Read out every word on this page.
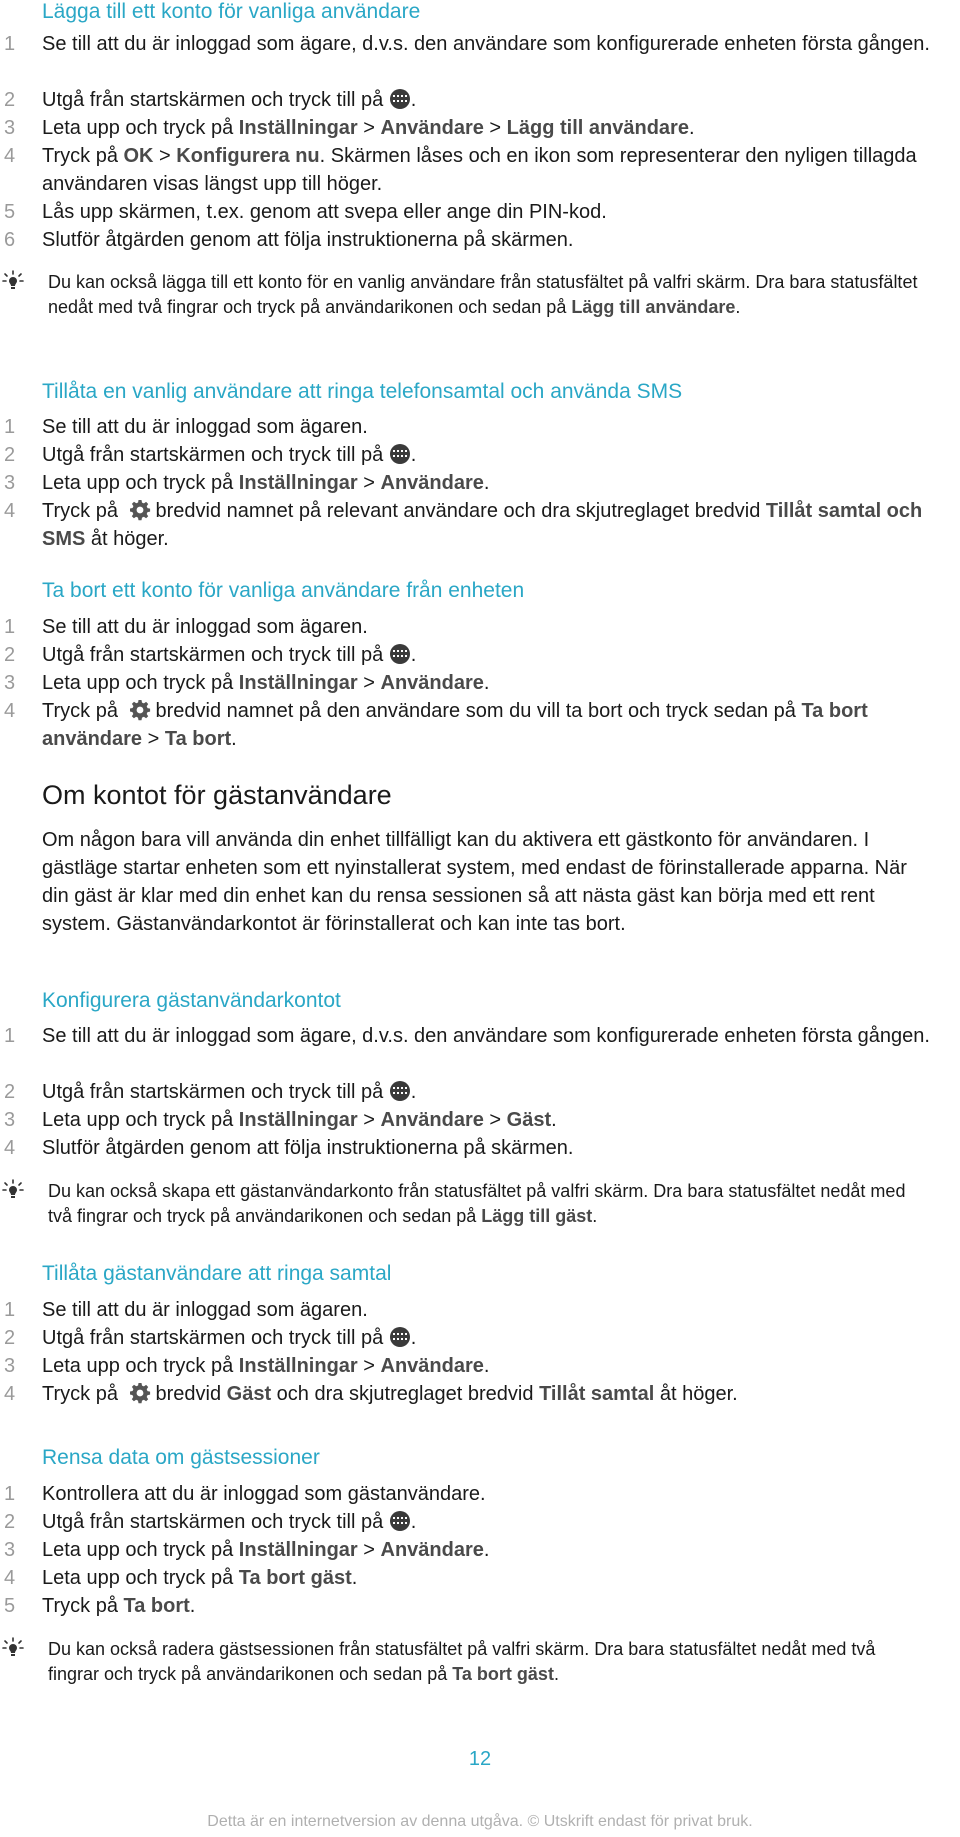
Lägga till ett konto för vanliga användare
1 Se till att du är inloggad som ägare, d.v.s. den användare som konfigurerade enheten första gången.
2 Utgå från startskärmen och tryck till på .
3 Leta upp och tryck på Inställningar > Användare > Lägg till användare.
4 Tryck på OK > Konfigurera nu. Skärmen låses och en ikon som representerar den nyligen tillagda användaren visas längst upp till höger.
5 Lås upp skärmen, t.ex. genom att svepa eller ange din PIN-kod.
6 Slutför åtgärden genom att följa instruktionerna på skärmen.
Du kan också lägga till ett konto för en vanlig användare från statusfältet på valfri skärm. Dra bara statusfältet nedåt med två fingrar och tryck på användarikonen och sedan på Lägg till användare.
Tillåta en vanlig användare att ringa telefonsamtal och använda SMS
1 Se till att du är inloggad som ägaren.
2 Utgå från startskärmen och tryck till på .
3 Leta upp och tryck på Inställningar > Användare.
4 Tryck på bredvid namnet på relevant användare och dra skjutreglaget bredvid Tillåt samtal och SMS åt höger.
Ta bort ett konto för vanliga användare från enheten
1 Se till att du är inloggad som ägaren.
2 Utgå från startskärmen och tryck till på .
3 Leta upp och tryck på Inställningar > Användare.
4 Tryck på bredvid namnet på den användare som du vill ta bort och tryck sedan på Ta bort användare > Ta bort.
Om kontot för gästanvändare
Om någon bara vill använda din enhet tillfälligt kan du aktivera ett gästkonto för användaren. I gästläge startar enheten som ett nyinstallerat system, med endast de förinstallerade apparna. När din gäst är klar med din enhet kan du rensa sessionen så att nästa gäst kan börja med ett rent system. Gästanvändarkontot är förinstallerat och kan inte tas bort.
Konfigurera gästanvändarkontot
1 Se till att du är inloggad som ägare, d.v.s. den användare som konfigurerade enheten första gången.
2 Utgå från startskärmen och tryck till på .
3 Leta upp och tryck på Inställningar > Användare > Gäst.
4 Slutför åtgärden genom att följa instruktionerna på skärmen.
Du kan också skapa ett gästanvändarkonto från statusfältet på valfri skärm. Dra bara statusfältet nedåt med två fingrar och tryck på användarikonen och sedan på Lägg till gäst.
Tillåta gästanvändare att ringa samtal
1 Se till att du är inloggad som ägaren.
2 Utgå från startskärmen och tryck till på .
3 Leta upp och tryck på Inställningar > Användare.
4 Tryck på bredvid Gäst och dra skjutreglaget bredvid Tillåt samtal åt höger.
Rensa data om gästsessioner
1 Kontrollera att du är inloggad som gästanvändare.
2 Utgå från startskärmen och tryck till på .
3 Leta upp och tryck på Inställningar > Användare.
4 Leta upp och tryck på Ta bort gäst.
5 Tryck på Ta bort.
Du kan också radera gästsessionen från statusfältet på valfri skärm. Dra bara statusfältet nedåt med två fingrar och tryck på användarikonen och sedan på Ta bort gäst.
12
Detta är en internetversion av denna utgåva. © Utskrift endast för privat bruk.
